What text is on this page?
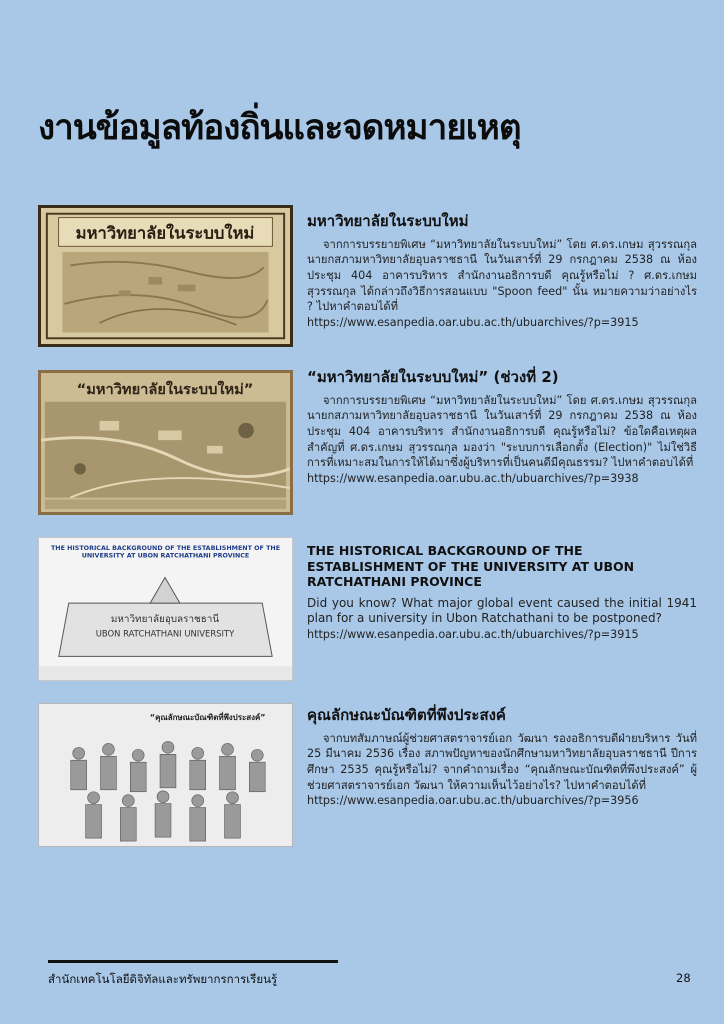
งานข้อมูลท้องถิ่นและจดหมายเหตุ
มหาวิทยาลัยในระบบใหม่
มหาวิทยาลัยในระบบใหม่

จากการบรรยายพิเศษ “มหาวิทยาลัยในระบบใหม่” โดย ศ.ดร.เกษม สุวรรณกุล นายกสภามหาวิทยาลัยอุบลราชธานี ในวันเสาร์ที่ 29 กรกฎาคม 2538 ณ ห้องประชุม 404 อาคารบริหาร สำนักงานอธิการบดี คุณรู้หรือไม่ ? ศ.ดร.เกษม สุวรรณกุล ได้กล่าวถึงวิธีการสอนแบบ "Spoon feed" นั้น หมายความว่าอย่างไร ? ไปหาคำตอบได้ที่

https://www.esanpedia.oar.ubu.ac.th/ubuarchives/?p=3915
“มหาวิทยาลัยในระบบใหม่”
“มหาวิทยาลัยในระบบใหม่” (ช่วงที่ 2)

จากการบรรยายพิเศษ “มหาวิทยาลัยในระบบใหม่” โดย ศ.ดร.เกษม สุวรรณกุล นายกสภามหาวิทยาลัยอุบลราชธานี ในวันเสาร์ที่ 29 กรกฎาคม 2538 ณ ห้องประชุม 404 อาคารบริหาร สำนักงานอธิการบดี คุณรู้หรือไม่? ข้อใดคือเหตุผลสำคัญที่ ศ.ดร.เกษม สุวรรณกุล มองว่า "ระบบการเลือกตั้ง (Election)" ไม่ใช่วิธีการที่เหมาะสมในการให้ได้มาซึ่งผู้บริหารที่เป็นคนดีมีคุณธรรม? ไปหาคำตอบได้ที่

https://www.esanpedia.oar.ubu.ac.th/ubuarchives/?p=3938
THE HISTORICAL BACKGROUND OF THE ESTABLISHMENT OF THE UNIVERSITY AT UBON RATCHATHANI PROVINCE
มหาวิทยาลัยอุบลราชธานี
UBON RATCHATHANI UNIVERSITY
THE HISTORICAL BACKGROUND OF THE ESTABLISHMENT OF THE UNIVERSITY AT UBON RATCHATHANI PROVINCE

Did you know? What major global event caused the initial 1941 plan for a university in Ubon Ratchathani to be postponed?

https://www.esanpedia.oar.ubu.ac.th/ubuarchives/?p=3915
“คุณลักษณะบัณฑิตที่พึงประสงค์”	คุณลักษณะบัณฑิตที่พึงประสงค์

จากบทสัมภาษณ์ผู้ช่วยศาสตราจารย์เอก วัฒนา รองอธิการบดีฝ่ายบริหาร วันที่ 25 มีนาคม 2536 เรื่อง สภาพปัญหาของนักศึกษามหาวิทยาลัยอุบลราชธานี ปีการศึกษา 2535 คุณรู้หรือไม่? จากคำถามเรื่อง “คุณลักษณะบัณฑิตที่พึงประสงค์” ผู้ช่วยศาสตราจารย์เอก วัฒนา ให้ความเห็นไว้อย่างไร? ไปหาคำตอบได้ที่

https://www.esanpedia.oar.ubu.ac.th/ubuarchives/?p=3956
สำนักเทคโนโลยีดิจิทัลและทรัพยากรการเรียนรู้	28
